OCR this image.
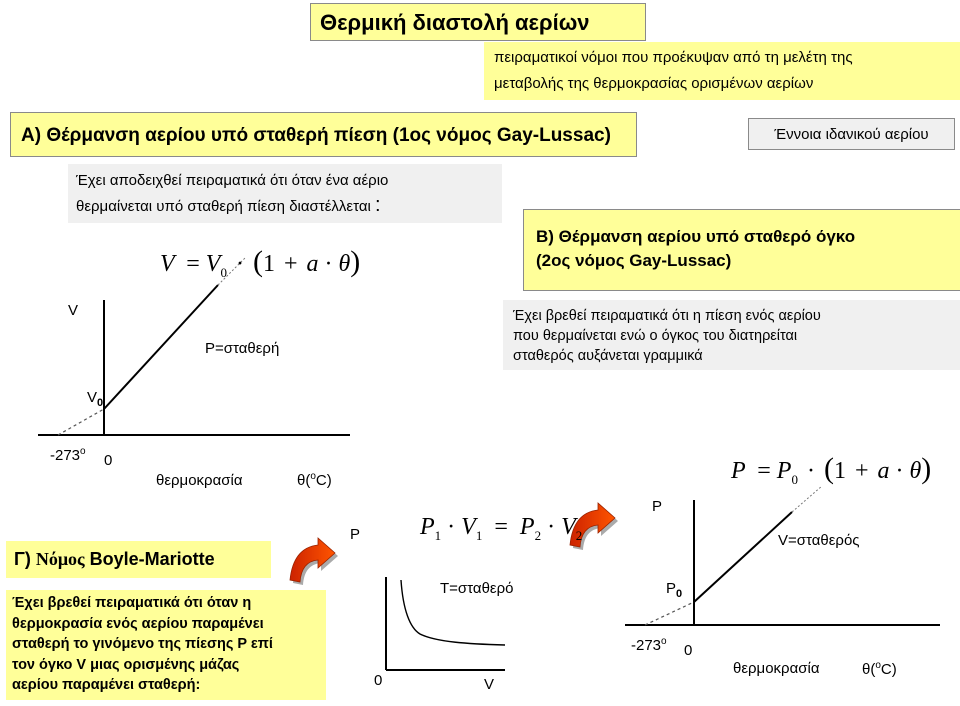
Θερμική διαστολή αερίων
πειραματικοί νόμοι που προέκυψαν από τη μελέτη της
μεταβολής της θερμοκρασίας ορισμένων αερίων
Α) Θέρμανση αερίου υπό σταθερή πίεση (1ος νόμος Gay-Lussac)	Έννοια ιδανικού αερίου
Έχει αποδειχθεί πειραματικά ότι όταν ένα αέριο
θερμαίνεται υπό σταθερή πίεση διαστέλλεται :
Β) Θέρμανση αερίου υπό σταθερό όγκο
(2ος νόμος Gay-Lussac)
Έχει βρεθεί πειραματικά ότι η πίεση ενός αερίου
που θερμαίνεται ενώ ο όγκος του διατηρείται
σταθερός αυξάνεται γραμμικά
Γ) Νόμος Boyle-Mariotte
Έχει βρεθεί πειραματικά ότι όταν η
θερμοκρασία ενός αερίου παραμένει
σταθερή το γινόμενο της πίεσης P επί
τον όγκο V μιας ορισμένης μάζας
αερίου παραμένει σταθερή:
$V = V_0 \cdot (1 + a \cdot \theta)$
V
P=σταθερή
$V_0$
$-273^o$
0
θερμοκρασία	θ($^o$C)
$P_1 \cdot V_1 = P_2 \cdot V_2$
P
T=σταθερό
0	V
$P = P_0 \cdot (1 + a \cdot \theta)$
P
V=σταθερός
$P_0$
$-273^o$
0
θερμοκρασία	θ($^o$C)
